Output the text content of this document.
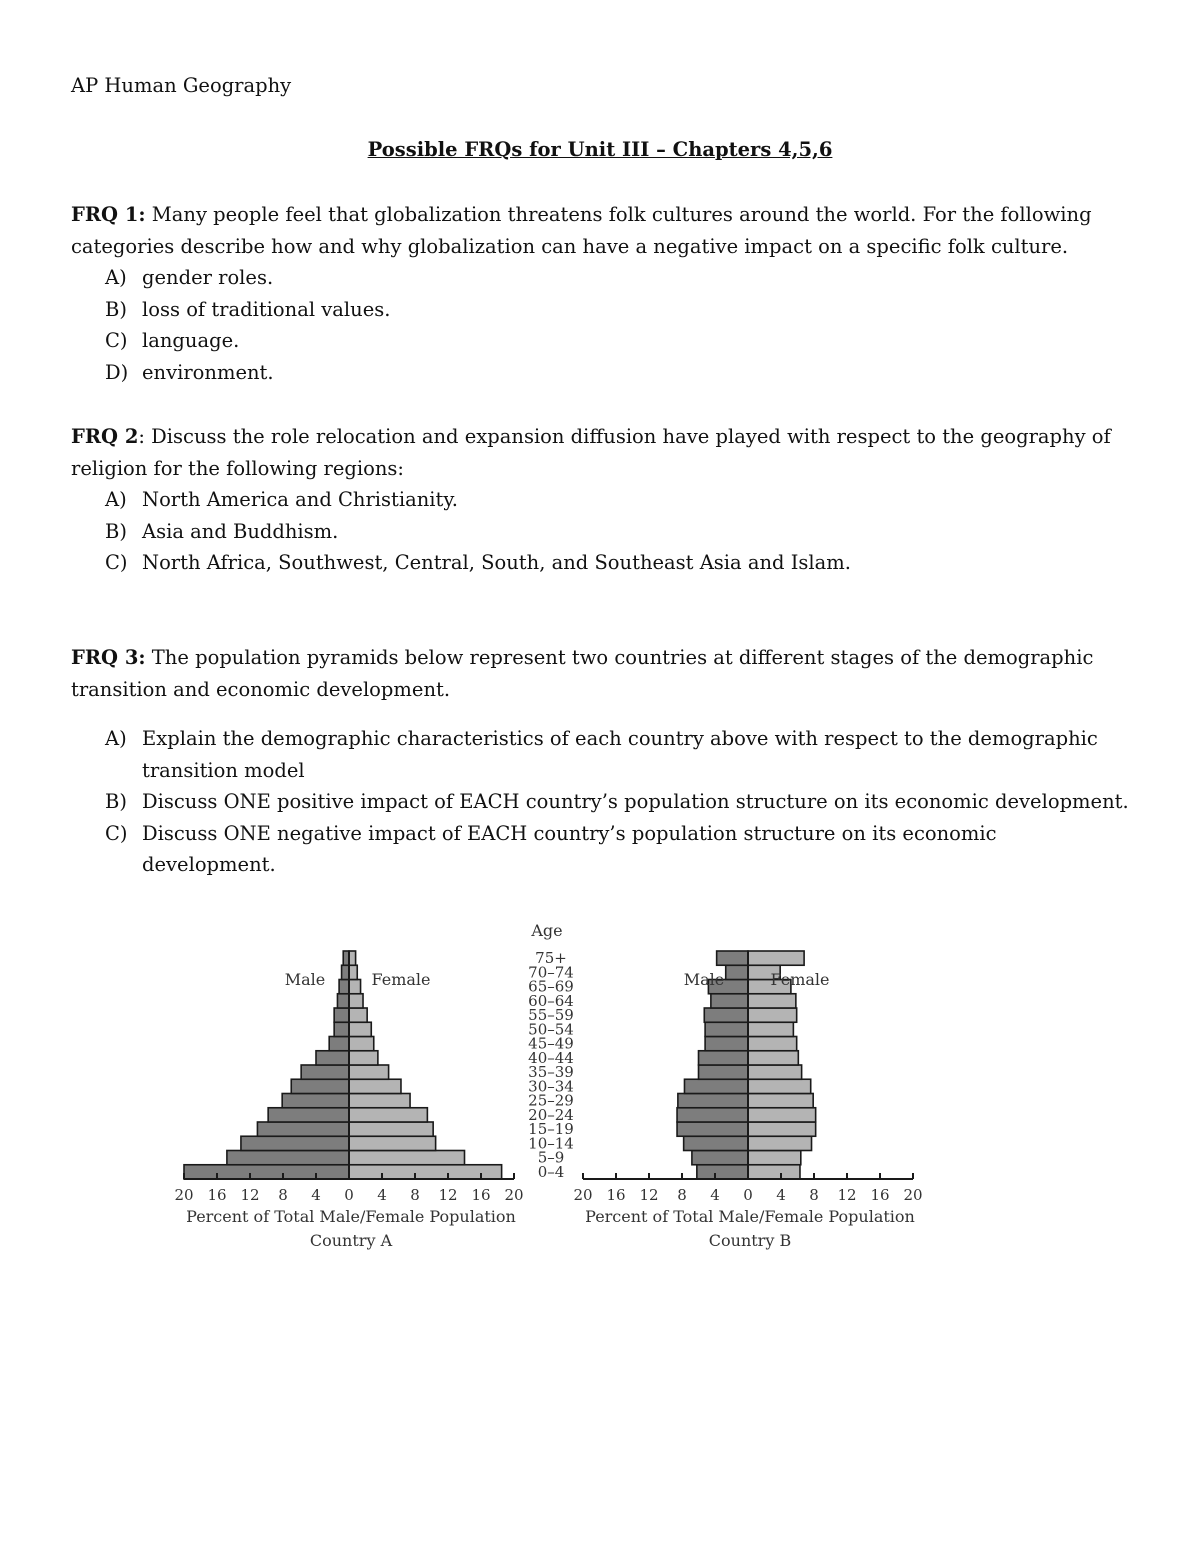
AP Human Geography
Possible FRQs for Unit III – Chapters 4,5,6

FRQ 1: Many people feel that globalization threatens folk cultures around the world. For the following categories describe how and why globalization can have a negative impact on a specific folk culture.

A) gender roles.
B) loss of traditional values.
C) language.
D) environment.

FRQ 2: Discuss the role relocation and expansion diffusion have played with respect to the geography of religion for the following regions:

A) North America and Christianity.
B) Asia and Buddhism.
C) North Africa, Southwest, Central, South, and Southeast Asia and Islam.

FRQ 3: The population pyramids below represent two countries at different stages of the demographic transition and economic development.

A) Explain the demographic characteristics of each country above with respect to the demographic transition model
B) Discuss ONE positive impact of EACH country’s population structure on its economic development.
C) Discuss ONE negative impact of EACH country’s population structure on its economic development.
Age
0–4
5–9
10–14
15–19
20–24
25–29
30–34
35–39
40–44
45–49
50–54
55–59
60–64
65–69
70–74
75+
20 16 12 8 4 0 4 8 12 16 20
Male	Female
Percent of Total Male/Female Population
Country A
20 16 12 8 4 0 4 8 12 16 20
Male	Female
Percent of Total Male/Female Population
Country B
